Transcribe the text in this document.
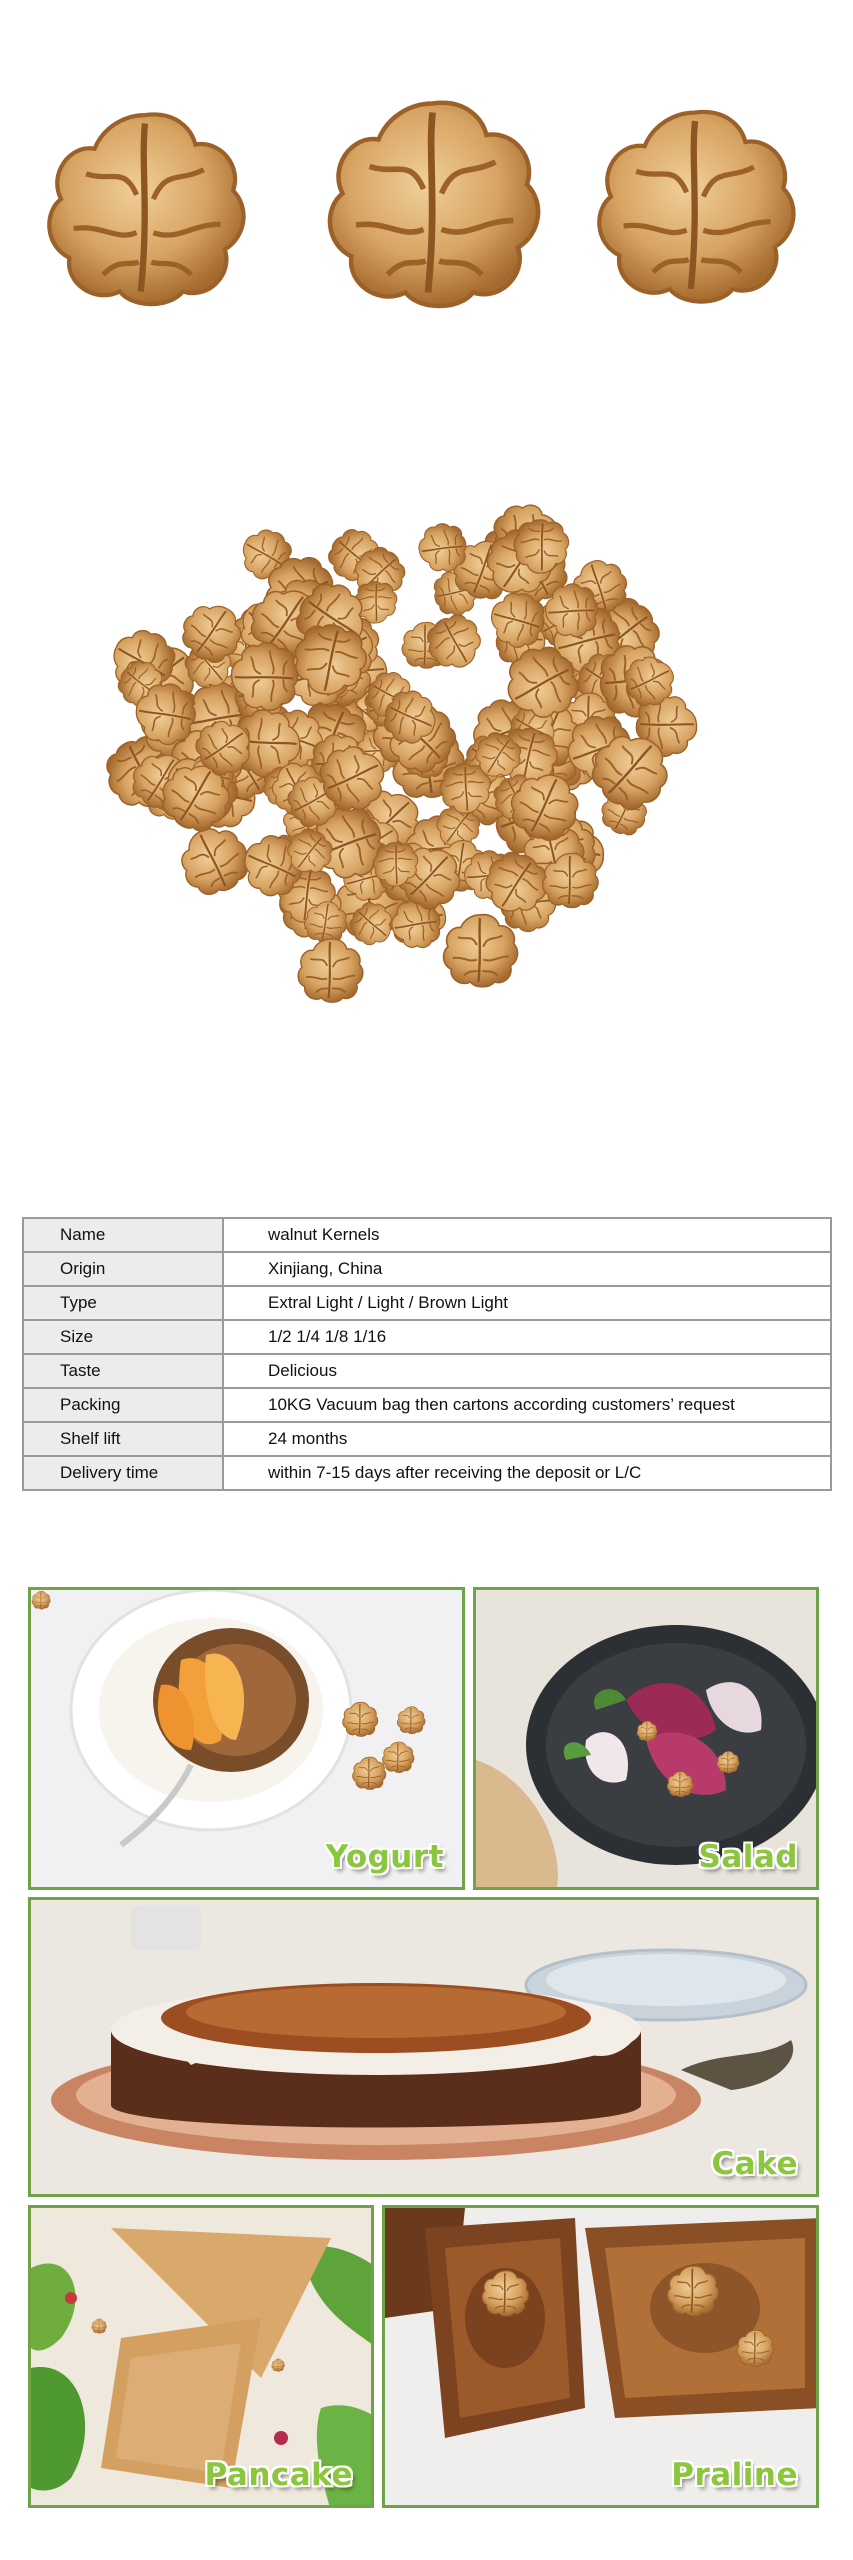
Name	walnut Kernels
Origin	Xinjiang, China
Type	Extral Light / Light / Brown Light
Size	1/2 1/4 1/8 1/16
Taste	Delicious
Packing	10KG Vacuum bag then cartons according customers’ request
Shelf lift	24 months
Delivery time	within 7-15 days after receiving the deposit or L/C
Yogurt	Salad
Cake
Pancake	Praline
